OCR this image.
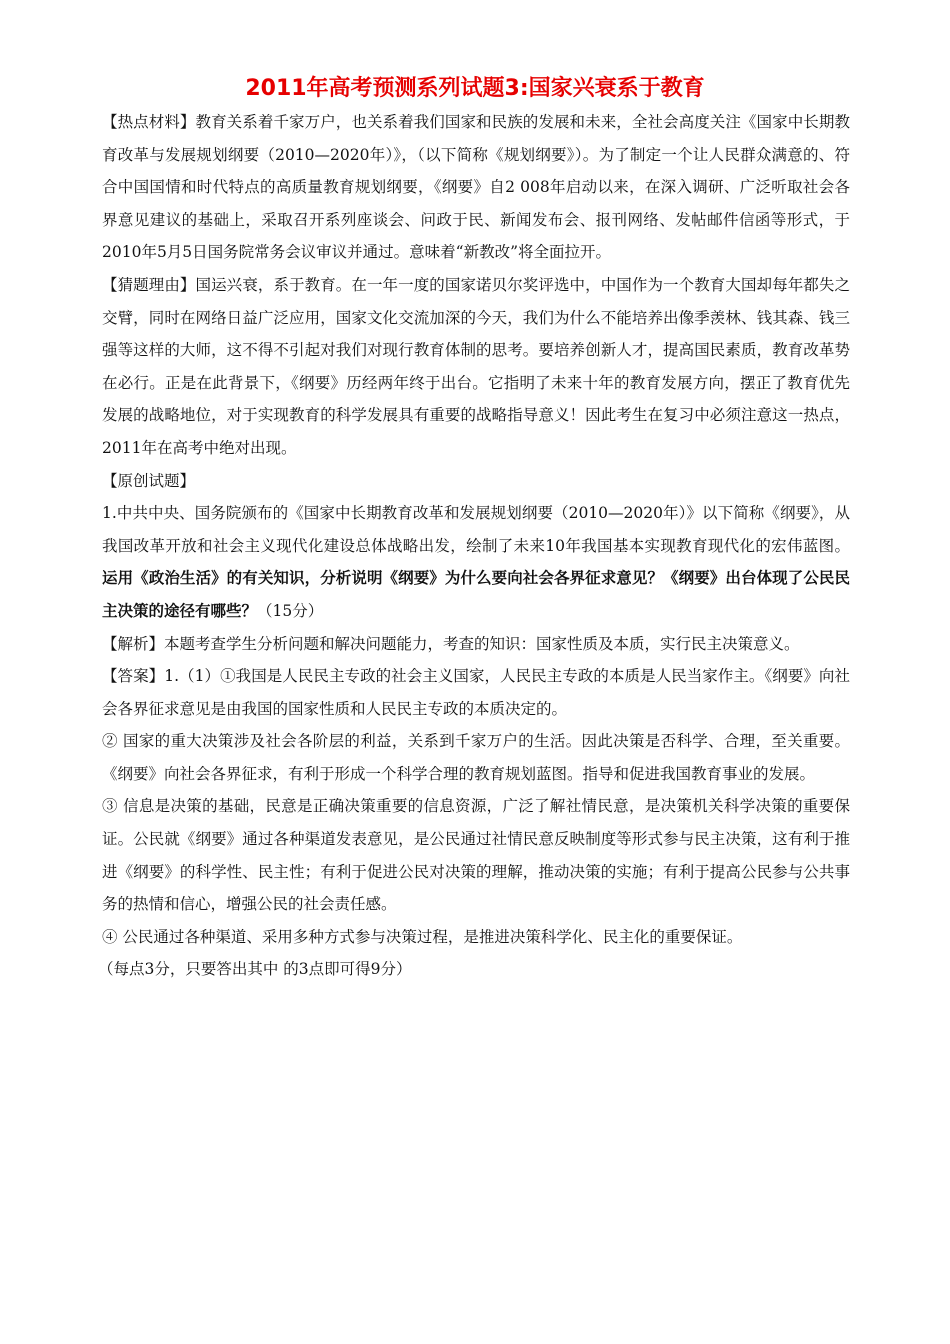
2011年高考预测系列试题3:国家兴衰系于教育

【热点材料】教育关系着千家万户，也关系着我们国家和民族的发展和未来，全社会高度关注《国家中长期教育改革与发展规划纲要（2010—2020年）》，（以下简称《规划纲要》）。为了制定一个让人民群众满意的、符合中国国情和时代特点的高质量教育规划纲要，《纲要》自2 008年启动以来，在深入调研、广泛听取社会各界意见建议的基础上，采取召开系列座谈会、问政于民、新闻发布会、报刊网络、发帖邮件信函等形式，于2010年5月5日国务院常务会议审议并通过。意味着“新教改”将全面拉开。

【猜题理由】国运兴衰，系于教育。在一年一度的国家诺贝尔奖评选中，中国作为一个教育大国却每年都失之交臂，同时在网络日益广泛应用，国家文化交流加深的今天，我们为什么不能培养出像季羡林、钱其森、钱三强等这样的大师，这不得不引起对我们对现行教育体制的思考。要培养创新人才，提高国民素质，教育改革势在必行。正是在此背景下，《纲要》历经两年终于出台。它指明了未来十年的教育发展方向，摆正了教育优先发展的战略地位，对于实现教育的科学发展具有重要的战略指导意义！因此考生在复习中必须注意这一热点，2011年在高考中绝对出现。

【原创试题】

1.中共中央、国务院颁布的《国家中长期教育改革和发展规划纲要（2010—2020年）》以下简称《纲要》，从我国改革开放和社会主义现代化建设总体战略出发，绘制了未来10年我国基本实现教育现代化的宏伟蓝图。运用《政治生活》的有关知识，分析说明《纲要》为什么要向社会各界征求意见？《纲要》出台体现了公民民主决策的途径有哪些？（15分）

【解析】本题考查学生分析问题和解决问题能力，考查的知识：国家性质及本质，实行民主决策意义。

【答案】1.（1）①我国是人民民主专政的社会主义国家，人民民主专政的本质是人民当家作主。《纲要》向社会各界征求意见是由我国的国家性质和人民民主专政的本质决定的。

② 国家的重大决策涉及社会各阶层的利益，关系到千家万户的生活。因此决策是否科学、合理，至关重要。《纲要》向社会各界征求，有利于形成一个科学合理的教育规划蓝图。指导和促进我国教育事业的发展。

③ 信息是决策的基础，民意是正确决策重要的信息资源，广泛了解社情民意，是决策机关科学决策的重要保证。公民就《纲要》通过各种渠道发表意见，是公民通过社情民意反映制度等形式参与民主决策，这有利于推进《纲要》的科学性、民主性；有利于促进公民对决策的理解，推动决策的实施；有利于提高公民参与公共事务的热情和信心，增强公民的社会责任感。

④ 公民通过各种渠道、采用多种方式参与决策过程，是推进决策科学化、民主化的重要保证。

（每点3分，只要答出其中 的3点即可得9分）
